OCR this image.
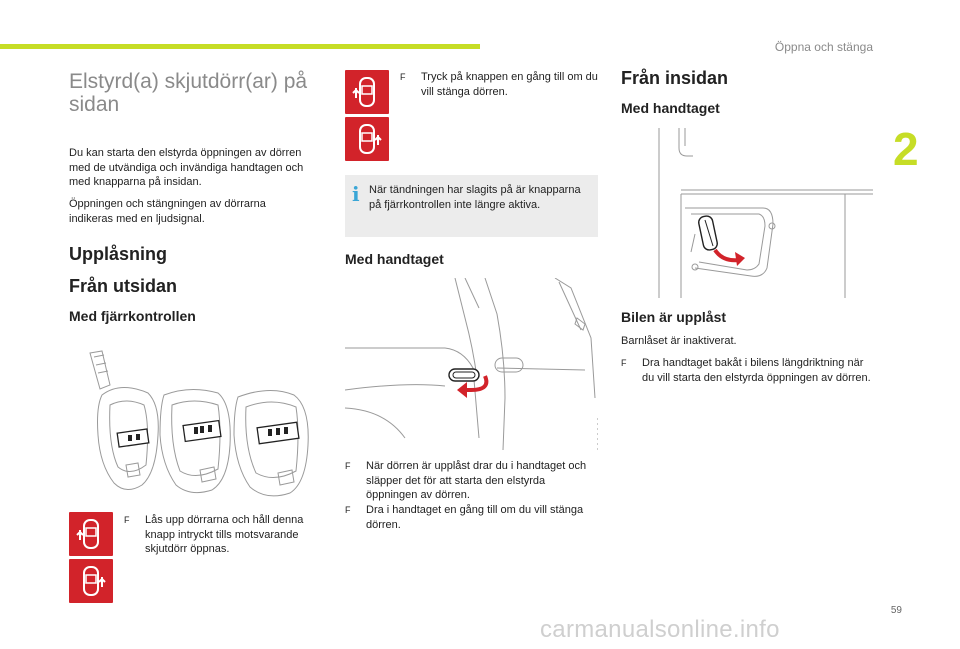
Öppna och stänga
2
Elstyrd(a) skjutdörr(ar) på sidan

Du kan starta den elstyrda öppningen av dörren med de utvändiga och invändiga handtagen och med knapparna på insidan.

Öppningen och stängningen av dörrarna indikeras med en ljudsignal.

Upplåsning
Från utsidan
Med fjärrkontrollen
F	Lås upp dörrarna och håll denna knapp intryckt tills motsvarande skjutdörr öppnas.
F	Tryck på knappen en gång till om du vill stänga dörren.
i När tändningen har slagits på är knapparna på fjärrkontrollen inte längre aktiva.
Med handtaget
F	När dörren är upplåst drar du i handtaget och släpper det för att starta den elstyrda öppningen av dörren.
F	Dra i handtaget en gång till om du vill stänga dörren.
Från insidan
Med handtaget
Bilen är upplåst

Barnlåset är inaktiverat.

F	Dra handtaget bakåt i bilens längdriktning när du vill starta den elstyrda öppningen av dörren.
59
carmanualsonline.info
